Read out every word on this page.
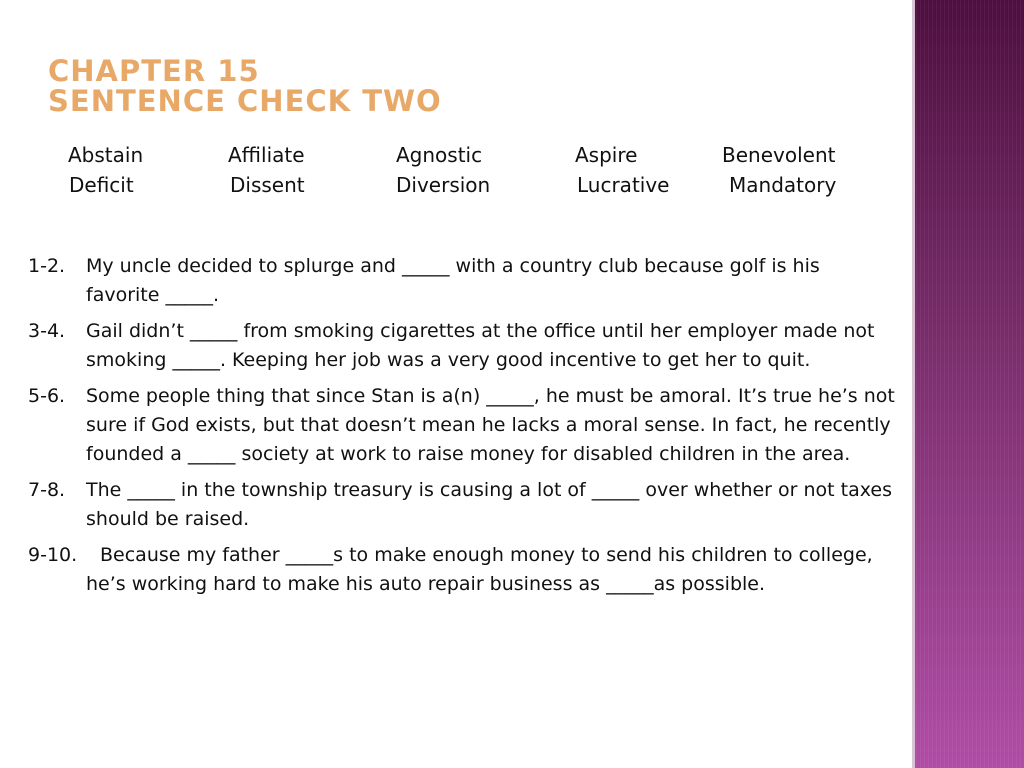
CHAPTER 15
SENTENCE CHECK TWO
Abstain	Affiliate	Agnostic	Aspire	Benevolent
Deficit	Dissent	Diversion	Lucrative	Mandatory
1-2. My uncle decided to splurge and _____ with a country club because golf is his favorite _____.
3-4. Gail didn’t _____ from smoking cigarettes at the office until her employer made not smoking _____. Keeping her job was a very good incentive to get her to quit.
5-6. Some people thing that since Stan is a(n) _____, he must be amoral. It’s true he’s not sure if God exists, but that doesn’t mean he lacks a moral sense. In fact, he recently founded a _____ society at work to raise money for disabled children in the area.
7-8. The _____ in the township treasury is causing a lot of _____ over whether or not taxes should be raised.
9-10. Because my father _____s to make enough money to send his children to college, he’s working hard to make his auto repair business as _____as possible.
